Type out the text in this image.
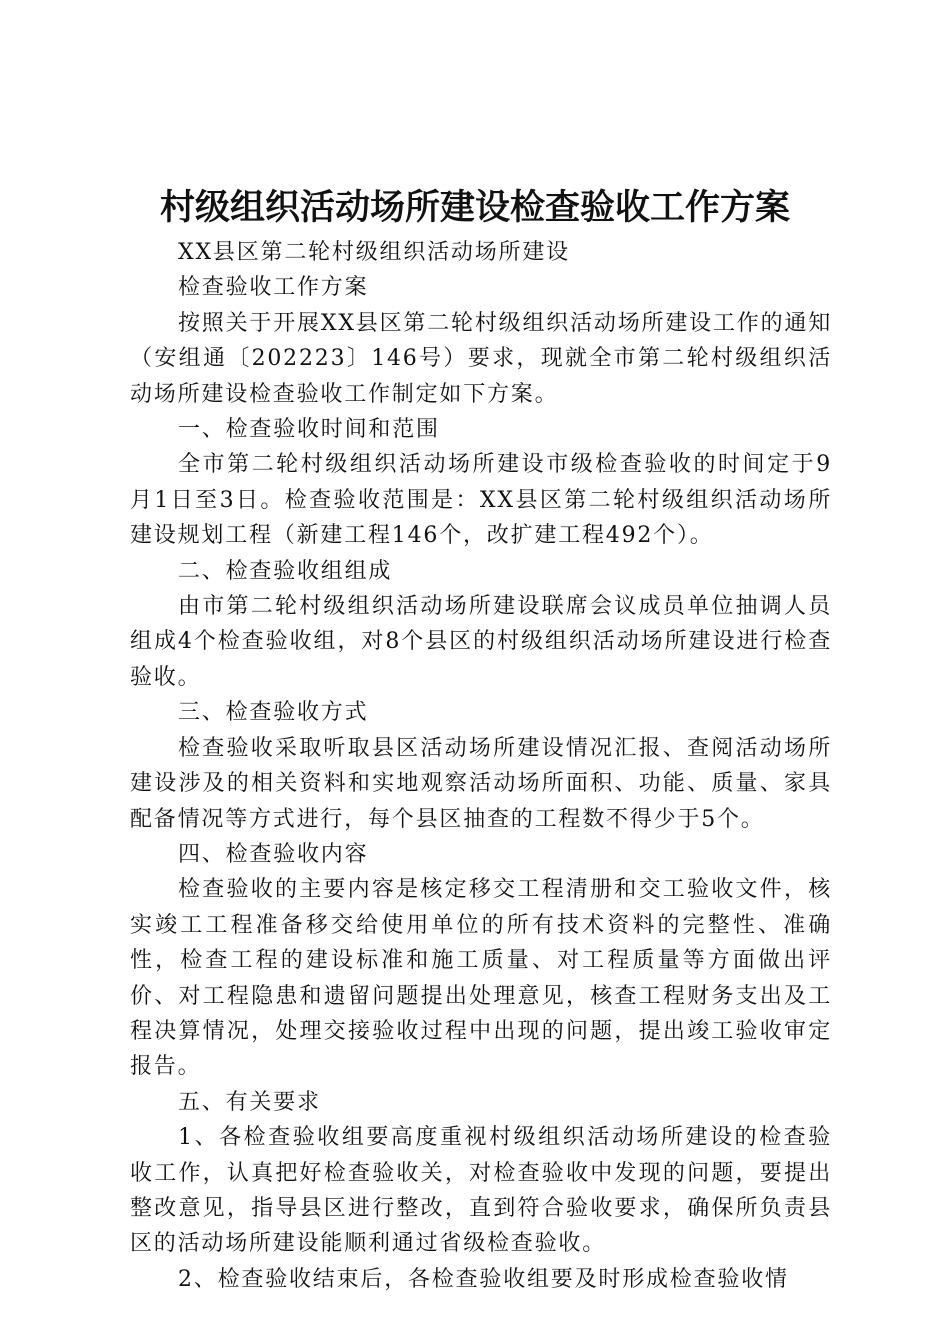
村级组织活动场所建设检查验收工作方案

XX县区第二轮村级组织活动场所建设

检查验收工作方案

按照关于开展XX县区第二轮村级组织活动场所建设工作的通知（安组通〔202223〕146号）要求，现就全市第二轮村级组织活动场所建设检查验收工作制定如下方案。

一、检查验收时间和范围

全市第二轮村级组织活动场所建设市级检查验收的时间定于9月1日至3日。检查验收范围是：XX县区第二轮村级组织活动场所建设规划工程（新建工程146个，改扩建工程492个）。

二、检查验收组组成

由市第二轮村级组织活动场所建设联席会议成员单位抽调人员组成4个检查验收组，对8个县区的村级组织活动场所建设进行检查验收。

三、检查验收方式

检查验收采取听取县区活动场所建设情况汇报、查阅活动场所建设涉及的相关资料和实地观察活动场所面积、功能、质量、家具配备情况等方式进行，每个县区抽查的工程数不得少于5个。

四、检查验收内容

检查验收的主要内容是核定移交工程清册和交工验收文件，核实竣工工程准备移交给使用单位的所有技术资料的完整性、准确性，检查工程的建设标准和施工质量、对工程质量等方面做出评价、对工程隐患和遗留问题提出处理意见，核查工程财务支出及工程决算情况，处理交接验收过程中出现的问题，提出竣工验收审定报告。

五、有关要求

1、各检查验收组要高度重视村级组织活动场所建设的检查验收工作，认真把好检查验收关，对检查验收中发现的问题，要提出整改意见，指导县区进行整改，直到符合验收要求，确保所负责县区的活动场所建设能顺利通过省级检查验收。

2、检查验收结束后，各检查验收组要及时形成检查验收情
